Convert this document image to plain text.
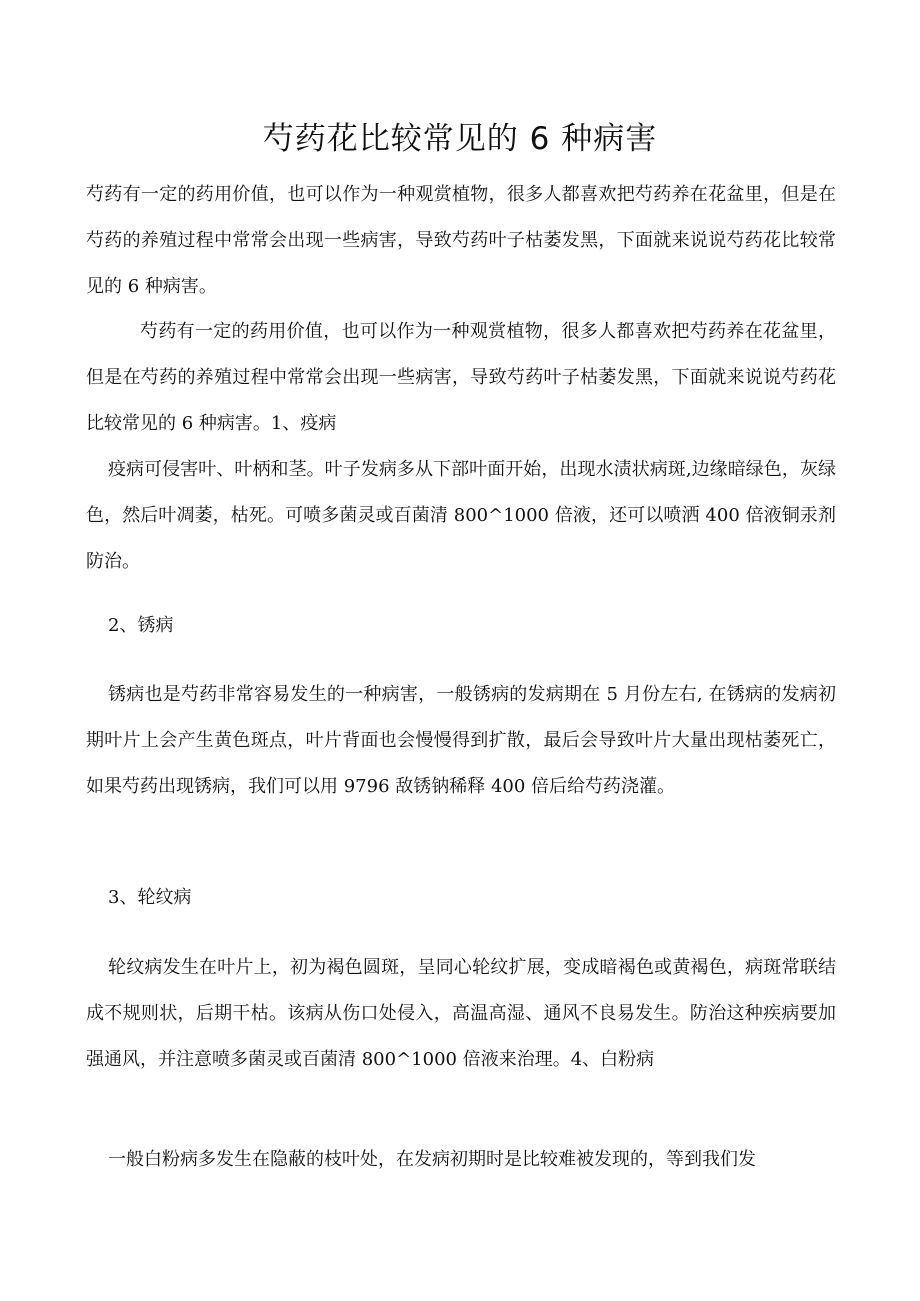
芍药花比较常见的 6 种病害

芍药有一定的药用价值，也可以作为一种观赏植物，很多人都喜欢把芍药养在花盆里，但是在芍药的养殖过程中常常会出现一些病害，导致芍药叶子枯萎发黑，下面就来说说芍药花比较常见的 6 种病害。

芍药有一定的药用价值，也可以作为一种观赏植物，很多人都喜欢把芍药养在花盆里，但是在芍药的养殖过程中常常会出现一些病害，导致芍药叶子枯萎发黑，下面就来说说芍药花比较常见的 6 种病害。1、疫病

疫病可侵害叶、叶柄和茎。叶子发病多从下部叶面开始，出现水渍状病斑,边缘暗绿色，灰绿色，然后叶凋萎，枯死。可喷多菌灵或百菌清 800^1000 倍液，还可以喷洒 400 倍液铜汞剂防治。

2、锈病

锈病也是芍药非常容易发生的一种病害，一般锈病的发病期在 5 月份左右, 在锈病的发病初期叶片上会产生黄色斑点，叶片背面也会慢慢得到扩散，最后会导致叶片大量出现枯萎死亡，如果芍药出现锈病，我们可以用 9796 敌锈钠稀释 400 倍后给芍药浇灌。

3、轮纹病

轮纹病发生在叶片上，初为褐色圆斑，呈同心轮纹扩展，变成暗褐色或黄褐色，病斑常联结成不规则状，后期干枯。该病从伤口处侵入，高温高湿、通风不良易发生。防治这种疾病要加强通风，并注意喷多菌灵或百菌清 800^1000 倍液来治理。4、白粉病

一般白粉病多发生在隐蔽的枝叶处，在发病初期时是比较难被发现的，等到我们发
